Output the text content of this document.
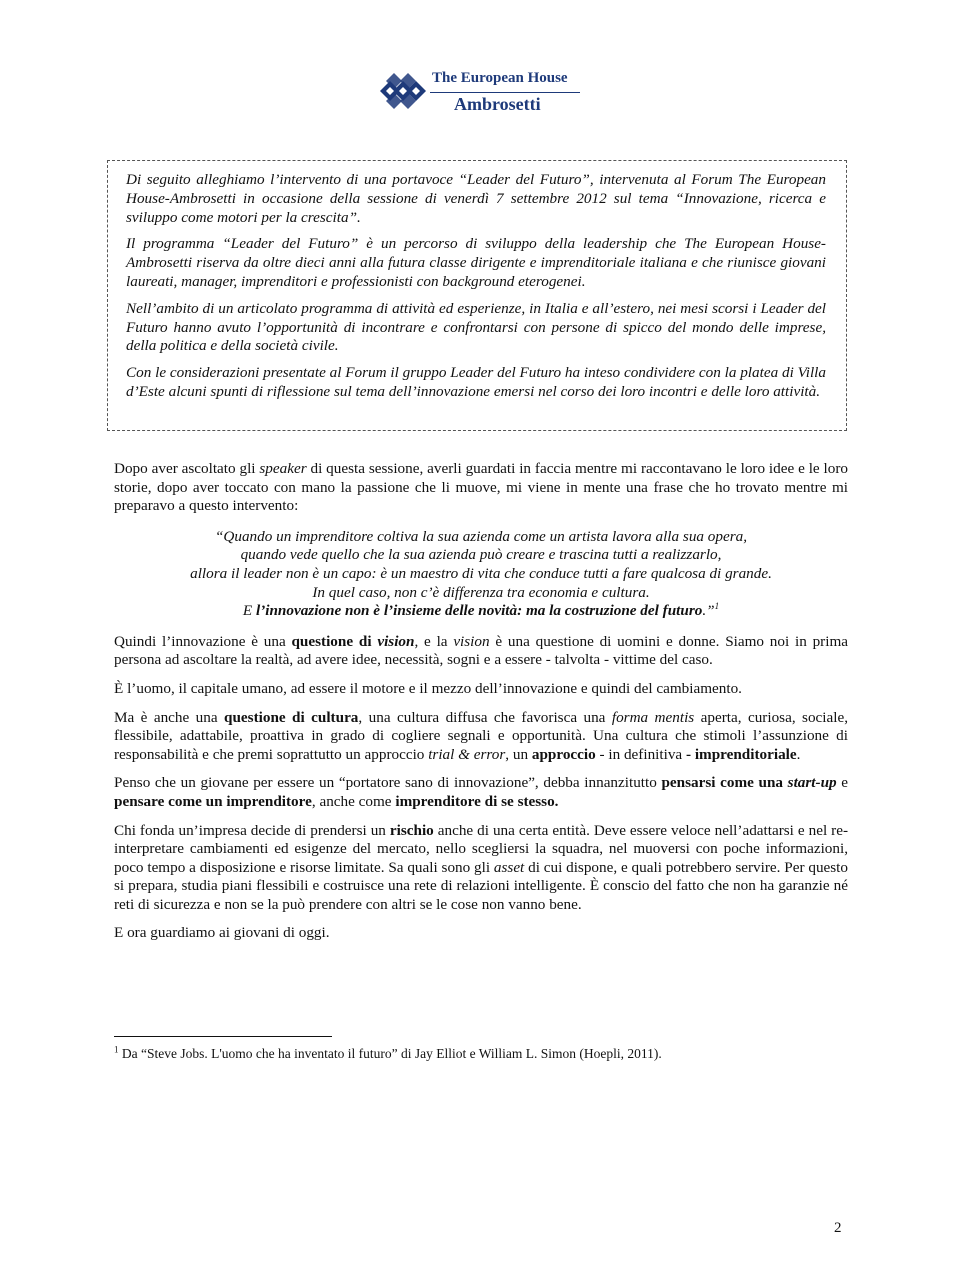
The European House
Ambrosetti

Di seguito alleghiamo l’intervento di una portavoce “Leader del Futuro”, intervenuta al Forum The European House-Ambrosetti in occasione della sessione di venerdì 7 settembre 2012 sul tema “Innovazione, ricerca e sviluppo come motori per la crescita”.

Il programma “Leader del Futuro” è un percorso di sviluppo della leadership che The European House-Ambrosetti riserva da oltre dieci anni alla futura classe dirigente e imprenditoriale italiana e che riunisce giovani laureati, manager, imprenditori e professionisti con background eterogenei.

Nell’ambito di un articolato programma di attività ed esperienze, in Italia e all’estero, nei mesi scorsi i Leader del Futuro hanno avuto l’opportunità di incontrare e confrontarsi con persone di spicco del mondo delle imprese, della politica e della società civile.

Con le considerazioni presentate al Forum il gruppo Leader del Futuro ha inteso condividere con la platea di Villa d’Este alcuni spunti di riflessione sul tema dell’innovazione emersi nel corso dei loro incontri e delle loro attività.

Dopo aver ascoltato gli speaker di questa sessione, averli guardati in faccia mentre mi raccontavano le loro idee e le loro storie, dopo aver toccato con mano la passione che li muove, mi viene in mente una frase che ho trovato mentre mi preparavo a questo intervento:

“Quando un imprenditore coltiva la sua azienda come un artista lavora alla sua opera,
quando vede quello che la sua azienda può creare e trascina tutti a realizzarlo,
allora il leader non è un capo: è un maestro di vita che conduce tutti a fare qualcosa di grande.
In quel caso, non c’è differenza tra economia e cultura.
E l’innovazione non è l’insieme delle novità: ma la costruzione del futuro.”$^1$

Quindi l’innovazione è una questione di vision, e la vision è una questione di uomini e donne. Siamo noi in prima persona ad ascoltare la realtà, ad avere idee, necessità, sogni e a essere - talvolta - vittime del caso.

È l’uomo, il capitale umano, ad essere il motore e il mezzo dell’innovazione e quindi del cambiamento.

Ma è anche una questione di cultura, una cultura diffusa che favorisca una forma mentis aperta, curiosa, sociale, flessibile, adattabile, proattiva in grado di cogliere segnali e opportunità. Una cultura che stimoli l’assunzione di responsabilità e che premi soprattutto un approccio trial & error, un approccio - in definitiva - imprenditoriale.

Penso che un giovane per essere un “portatore sano di innovazione”, debba innanzitutto pensarsi come una start-up e pensare come un imprenditore, anche come imprenditore di se stesso.

Chi fonda un’impresa decide di prendersi un rischio anche di una certa entità. Deve essere veloce nell’adattarsi e nel re-interpretare cambiamenti ed esigenze del mercato, nello scegliersi la squadra, nel muoversi con poche informazioni, poco tempo a disposizione e risorse limitate. Sa quali sono gli asset di cui dispone, e quali potrebbero servire. Per questo si prepara, studia piani flessibili e costruisce una rete di relazioni intelligente. È conscio del fatto che non ha garanzie né reti di sicurezza e non se la può prendere con altri se le cose non vanno bene.

E ora guardiamo ai giovani di oggi.

$^1$ Da “Steve Jobs. L'uomo che ha inventato il futuro” di Jay Elliot e William L. Simon (Hoepli, 2011).
2
